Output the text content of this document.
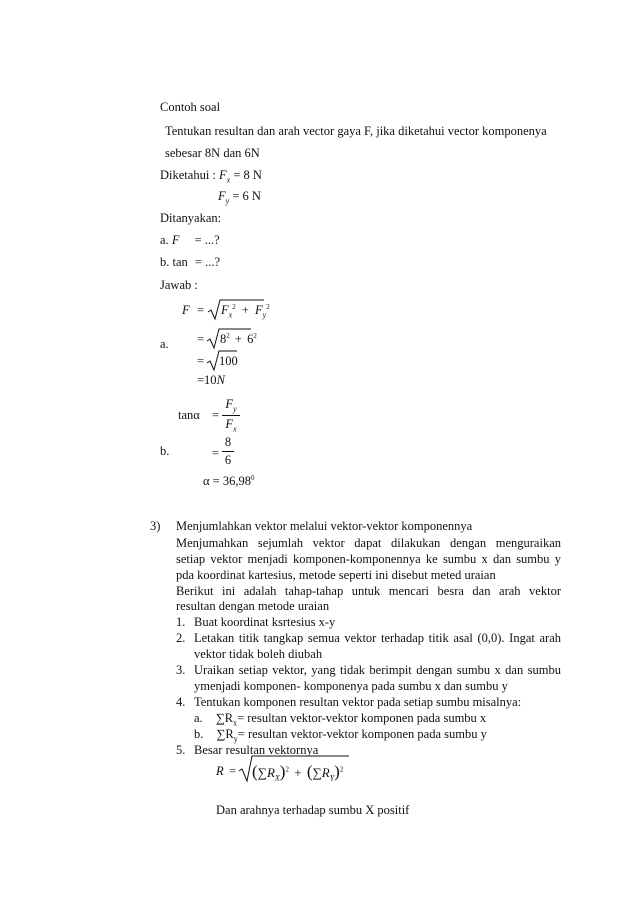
Contoh soal
Tentukan resultan dan arah vector gaya F, jika diketahui vector komponenya
sebesar 8N dan 6N
Diketahui : $F_x = 8$ N
$F_y = 6$ N
Ditanyakan:
a. F = ...?
b. tan = ...?
Jawab :
a.
$F = F_x^2 + F_y^2$
= $8^2 + 6^2$
= 100
=10N
tanα =
$F_y$
$F_x$
b.	=
8
6
$\alpha = 36,98^0$
3) Menjumlahkan vektor melalui vektor-vektor komponennya
Menjumahkan sejumlah vektor dapat dilakukan dengan menguraikan
setiap vektor menjadi komponen-komponennya ke sumbu x dan sumbu y
pda koordinat kartesius, metode seperti ini disebut meted uraian
Berikut ini adalah tahap-tahap untuk mencari besra dan arah vektor
resultan dengan metode uraian
1. Buat koordinat ksrtesius x-y
2. Letakan titik tangkap semua vektor terhadap titik asal (0,0). Ingat arah
vektor tidak boleh diubah
3. Uraikan setiap vektor, yang tidak berimpit dengan sumbu x dan sumbu
ymenjadi komponen- komponenya pada sumbu x dan sumbu y
4. Tentukan komponen resultan vektor pada setiap sumbu misalnya:
a. $\sum R_x=$ resultan vektor-vektor komponen pada sumbu x
b. $\sum R_y=$ resultan vektor-vektor komponen pada sumbu y
5. Besar resultan vektornya
$R = (\sum R_X)^2 + (\sum R_Y)^2$
Dan arahnya terhadap sumbu X positif
